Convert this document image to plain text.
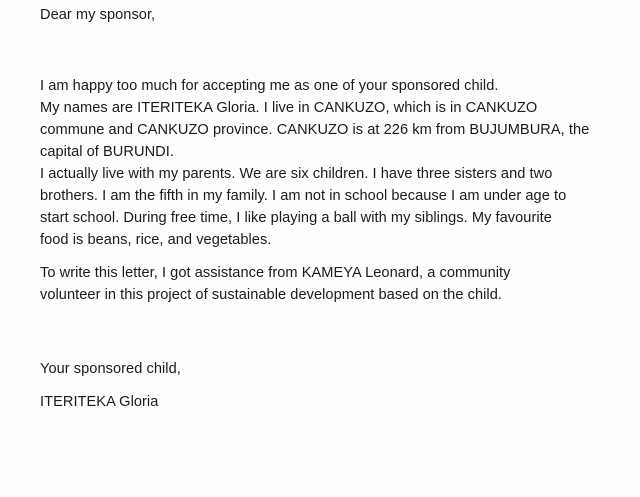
Dear my sponsor,
I am happy too much for accepting me as one of your sponsored child.
My names are ITERITEKA Gloria. I live in CANKUZO, which is in CANKUZO
commune and CANKUZO province. CANKUZO is at 226 km from BUJUMBURA, the
capital of BURUNDI.
I actually live with my parents. We are six children. I have three sisters and two
brothers. I am the fifth in my family. I am not in school because I am under age to
start school. During free time, I like playing a ball with my siblings. My favourite
food is beans, rice, and vegetables.
To write this letter, I got assistance from KAMEYA Leonard, a community
volunteer in this project of sustainable development based on the child.
Your sponsored child,
ITERITEKA Gloria
